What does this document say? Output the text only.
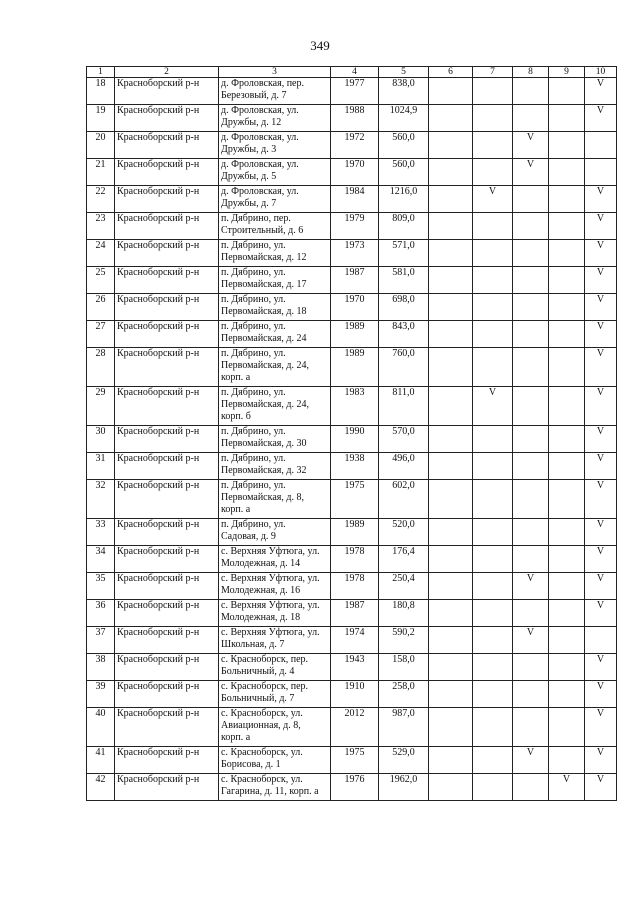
349
1	2	3	4	5	6	7	8	9	10
18	Красноборский р-н	д. Фроловская, пер.
Березовый, д. 7	1977	838,0					V
19	Красноборский р-н	д. Фроловская, ул.
Дружбы, д. 12	1988	1024,9					V
20	Красноборский р-н	д. Фроловская, ул.
Дружбы, д. 3	1972	560,0			V		
21	Красноборский р-н	д. Фроловская, ул.
Дружбы, д. 5	1970	560,0			V		
22	Красноборский р-н	д. Фроловская, ул.
Дружбы, д. 7	1984	1216,0		V			V
23	Красноборский р-н	п. Дябрино, пер.
Строительный, д. 6	1979	809,0					V
24	Красноборский р-н	п. Дябрино, ул.
Первомайская, д. 12	1973	571,0					V
25	Красноборский р-н	п. Дябрино, ул.
Первомайская, д. 17	1987	581,0					V
26	Красноборский р-н	п. Дябрино, ул.
Первомайская, д. 18	1970	698,0					V
27	Красноборский р-н	п. Дябрино, ул.
Первомайская, д. 24	1989	843,0					V
28	Красноборский р-н	п. Дябрино, ул.
Первомайская, д. 24,
корп. а	1989	760,0					V
29	Красноборский р-н	п. Дябрино, ул.
Первомайская, д. 24,
корп. б	1983	811,0		V			V
30	Красноборский р-н	п. Дябрино, ул.
Первомайская, д. 30	1990	570,0					V
31	Красноборский р-н	п. Дябрино, ул.
Первомайская, д. 32	1938	496,0					V
32	Красноборский р-н	п. Дябрино, ул.
Первомайская, д. 8,
корп. а	1975	602,0					V
33	Красноборский р-н	п. Дябрино, ул.
Садовая, д. 9	1989	520,0					V
34	Красноборский р-н	с. Верхняя Уфтюга, ул.
Молодежная, д. 14	1978	176,4					V
35	Красноборский р-н	с. Верхняя Уфтюга, ул.
Молодежная, д. 16	1978	250,4			V		V
36	Красноборский р-н	с. Верхняя Уфтюга, ул.
Молодежная, д. 18	1987	180,8					V
37	Красноборский р-н	с. Верхняя Уфтюга, ул.
Школьная, д. 7	1974	590,2			V		
38	Красноборский р-н	с. Красноборск, пер.
Больничный, д. 4	1943	158,0					V
39	Красноборский р-н	с. Красноборск, пер.
Больничный, д. 7	1910	258,0					V
40	Красноборский р-н	с. Красноборск, ул.
Авиационная, д. 8,
корп. а	2012	987,0					V
41	Красноборский р-н	с. Красноборск, ул.
Борисова, д. 1	1975	529,0			V		V
42	Красноборский р-н	с. Красноборск, ул.
Гагарина, д. 11, корп. а	1976	1962,0				V	V
